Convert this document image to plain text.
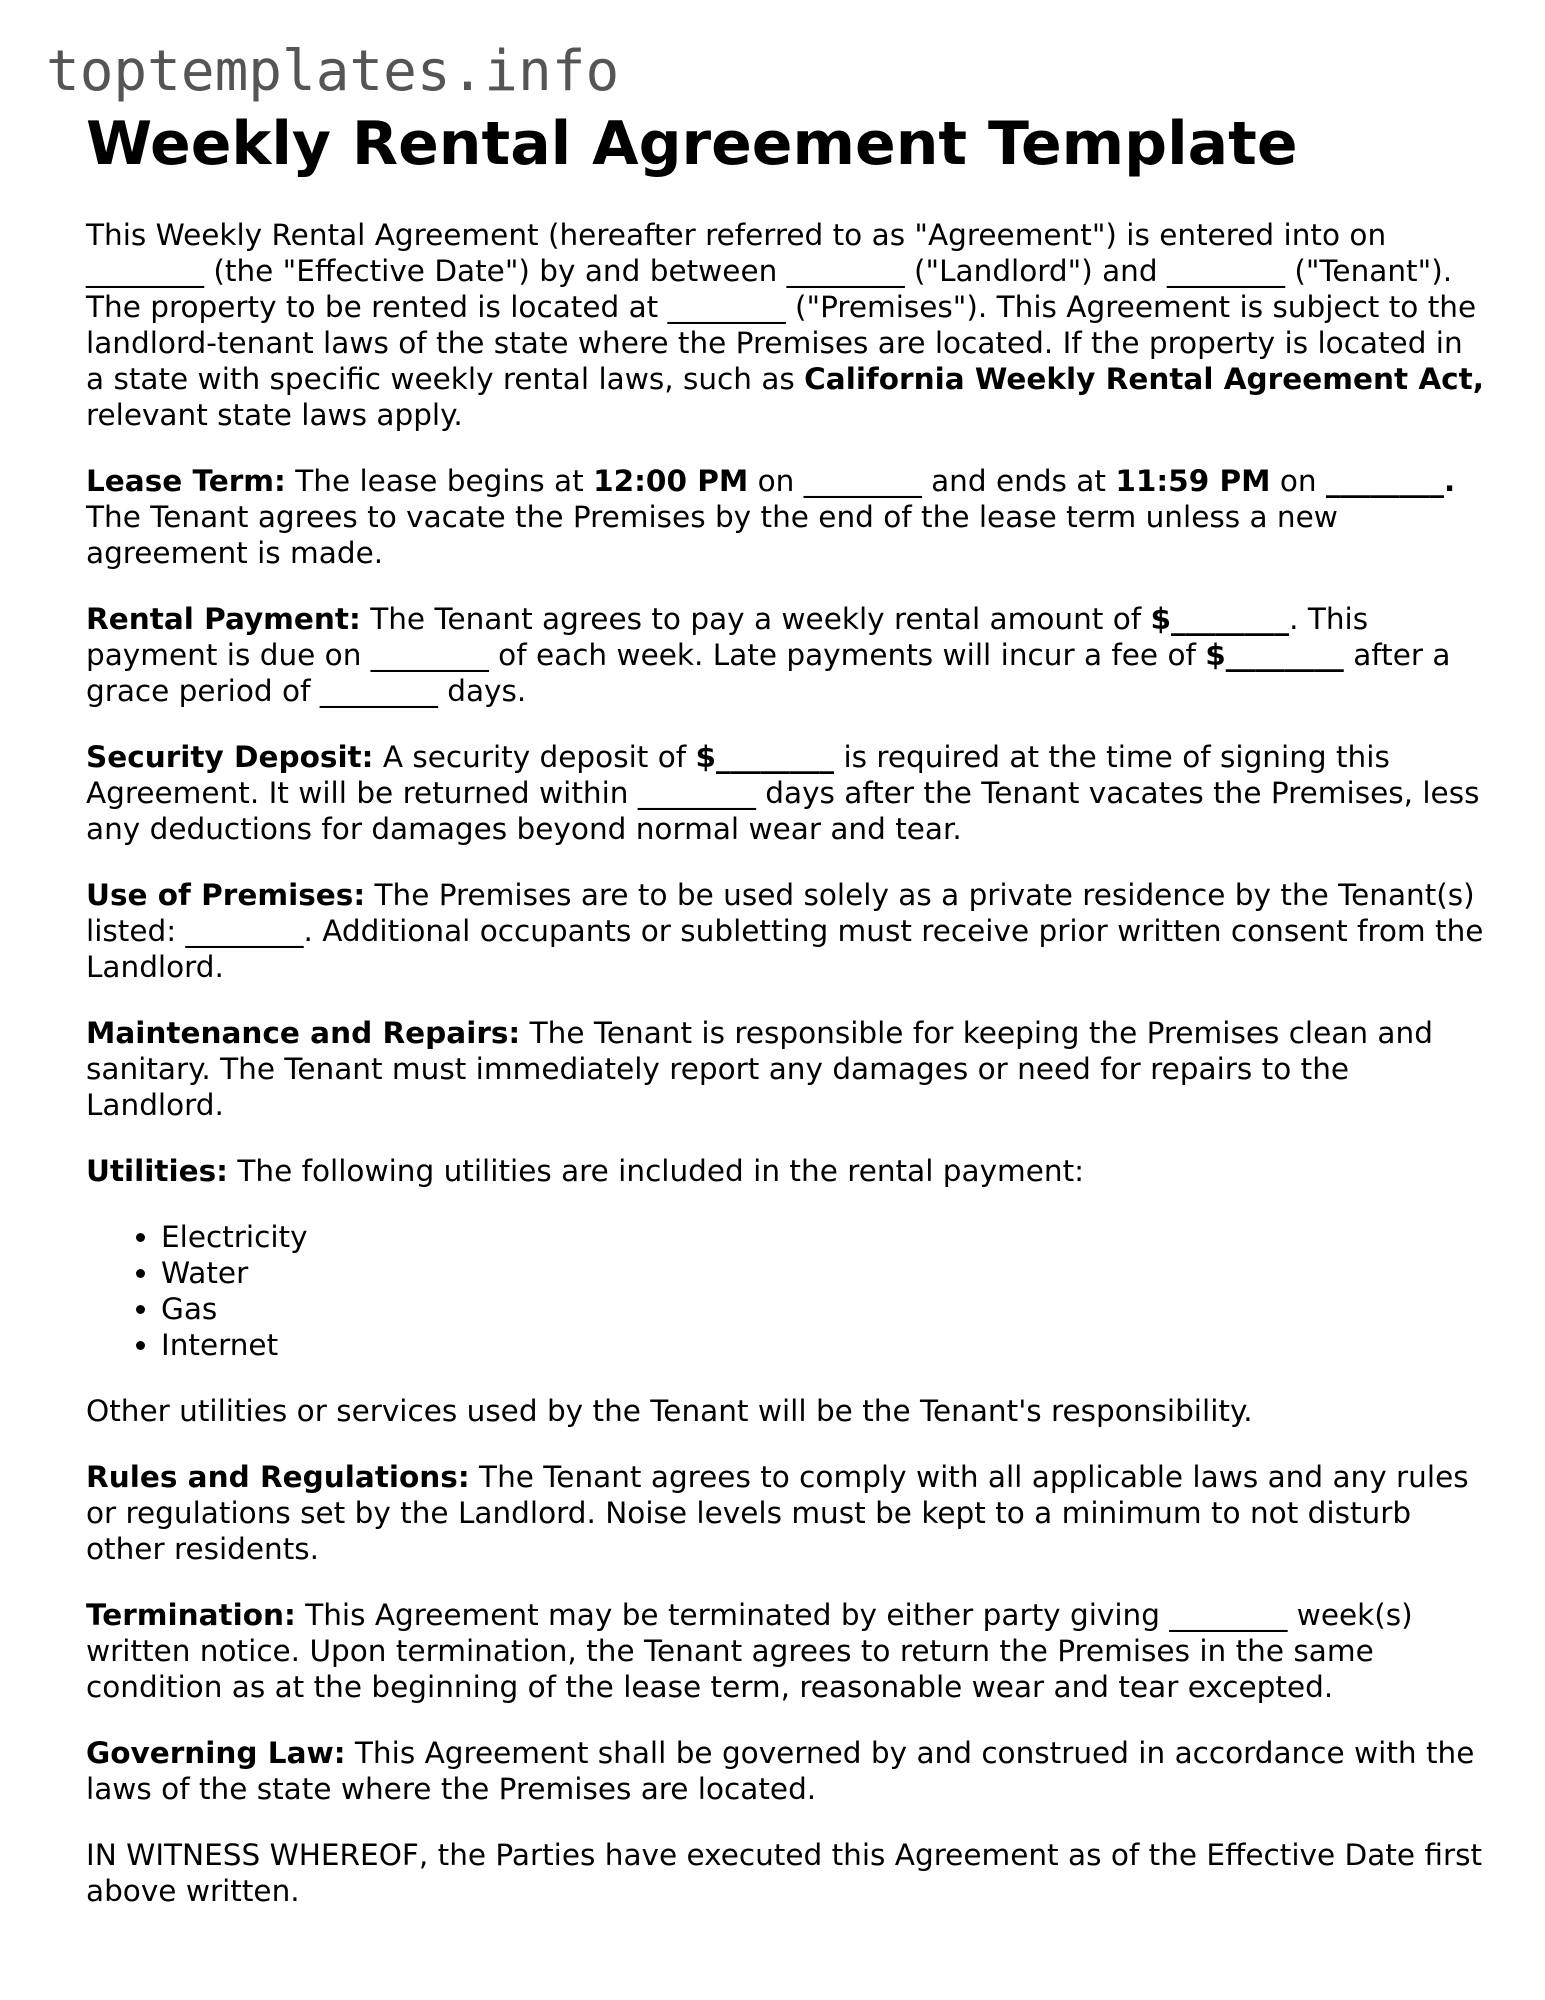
toptemplates.info
Weekly Rental Agreement Template

This Weekly Rental Agreement (hereafter referred to as "Agreement") is entered into on ________ (the "Effective Date") by and between ________ ("Landlord") and ________ ("Tenant"). The property to be rented is located at ________ ("Premises"). This Agreement is subject to the landlord-tenant laws of the state where the Premises are located. If the property is located in a state with specific weekly rental laws, such as California Weekly Rental Agreement Act, relevant state laws apply.

Lease Term: The lease begins at 12:00 PM on ________ and ends at 11:59 PM on ________. The Tenant agrees to vacate the Premises by the end of the lease term unless a new agreement is made.

Rental Payment: The Tenant agrees to pay a weekly rental amount of $________. This payment is due on ________ of each week. Late payments will incur a fee of $________ after a grace period of ________ days.

Security Deposit: A security deposit of $________ is required at the time of signing this Agreement. It will be returned within ________ days after the Tenant vacates the Premises, less any deductions for damages beyond normal wear and tear.

Use of Premises: The Premises are to be used solely as a private residence by the Tenant(s) listed: ________. Additional occupants or subletting must receive prior written consent from the Landlord.

Maintenance and Repairs: The Tenant is responsible for keeping the Premises clean and sanitary. The Tenant must immediately report any damages or need for repairs to the Landlord.

Utilities: The following utilities are included in the rental payment:

• Electricity
• Water
• Gas
• Internet

Other utilities or services used by the Tenant will be the Tenant's responsibility.

Rules and Regulations: The Tenant agrees to comply with all applicable laws and any rules or regulations set by the Landlord. Noise levels must be kept to a minimum to not disturb other residents.

Termination: This Agreement may be terminated by either party giving ________ week(s) written notice. Upon termination, the Tenant agrees to return the Premises in the same condition as at the beginning of the lease term, reasonable wear and tear excepted.

Governing Law: This Agreement shall be governed by and construed in accordance with the laws of the state where the Premises are located.

IN WITNESS WHEREOF, the Parties have executed this Agreement as of the Effective Date first above written.
